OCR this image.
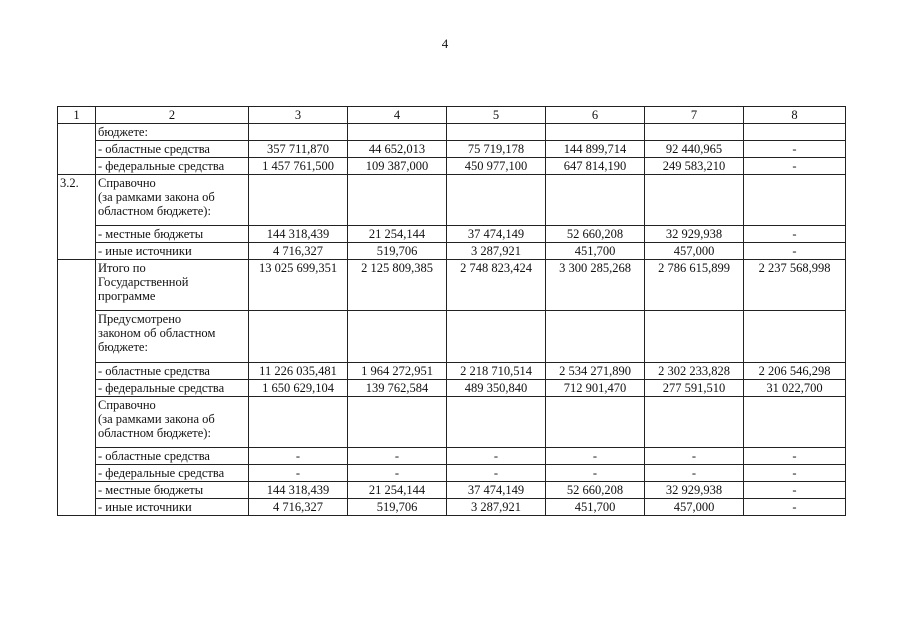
4
1	2	3	4	5	6	7	8
	бюджете:						
	- областные средства	357 711,870	44 652,013	75 719,178	144 899,714	92 440,965	-
	- федеральные средства	1 457 761,500	109 387,000	450 977,100	647 814,190	249 583,210	-
3.2.	Справочно
(за рамками закона об
областном бюджете):						
	- местные бюджеты	144 318,439	21 254,144	37 474,149	52 660,208	32 929,938	-
	- иные источники	4 716,327	519,706	3 287,921	451,700	457,000	-
	Итого по
Государственной
программе	13 025 699,351	2 125 809,385	2 748 823,424	3 300 285,268	2 786 615,899	2 237 568,998
	Предусмотрено
законом об областном
бюджете:						
	- областные средства	11 226 035,481	1 964 272,951	2 218 710,514	2 534 271,890	2 302 233,828	2 206 546,298
	- федеральные средства	1 650 629,104	139 762,584	489 350,840	712 901,470	277 591,510	31 022,700
	Справочно
(за рамками закона об
областном бюджете):						
	- областные средства	-	-	-	-	-	-
	- федеральные средства	-	-	-	-	-	-
	- местные бюджеты	144 318,439	21 254,144	37 474,149	52 660,208	32 929,938	-
	- иные источники	4 716,327	519,706	3 287,921	451,700	457,000	-
